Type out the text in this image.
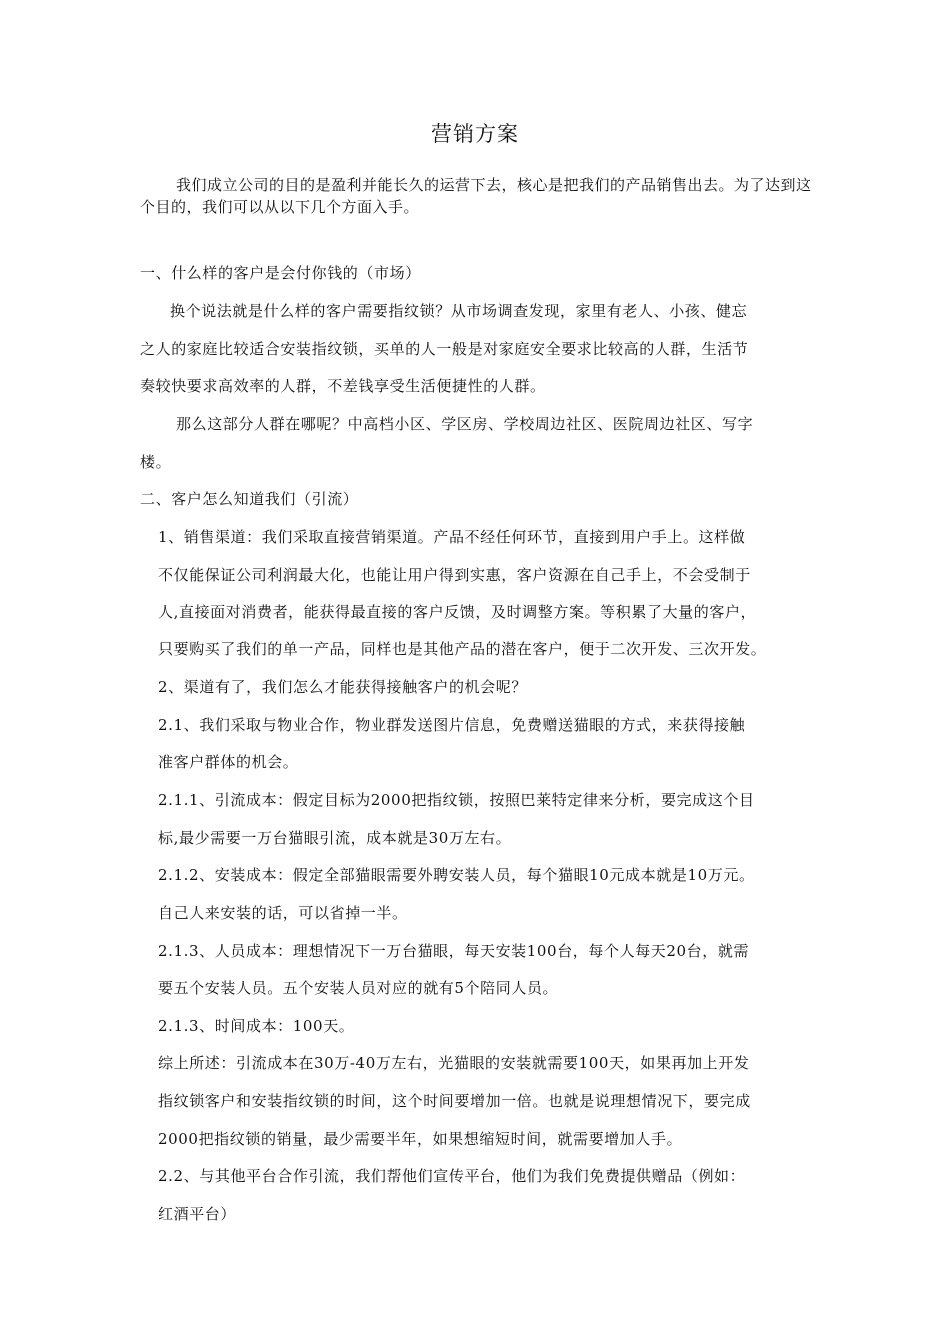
营销方案
我们成立公司的目的是盈利并能长久的运营下去，核心是把我们的产品销售出去。为了达到这个目的，我们可以从以下几个方面入手。
一、什么样的客户是会付你钱的（市场）
换个说法就是什么样的客户需要指纹锁？从市场调查发现，家里有老人、小孩、健忘
之人的家庭比较适合安装指纹锁，买单的人一般是对家庭安全要求比较高的人群，生活节
奏较快要求高效率的人群，不差钱享受生活便捷性的人群。
那么这部分人群在哪呢？中高档小区、学区房、学校周边社区、医院周边社区、写字
楼。
二、客户怎么知道我们（引流）
1、销售渠道：我们采取直接营销渠道。产品不经任何环节，直接到用户手上。这样做
不仅能保证公司利润最大化，也能让用户得到实惠，客户资源在自己手上，不会受制于
人,直接面对消费者，能获得最直接的客户反馈，及时调整方案。等积累了大量的客户，
只要购买了我们的单一产品，同样也是其他产品的潜在客户，便于二次开发、三次开发。
2、渠道有了，我们怎么才能获得接触客户的机会呢？
2.1、我们采取与物业合作，物业群发送图片信息，免费赠送猫眼的方式，来获得接触
准客户群体的机会。
2.1.1、引流成本：假定目标为2000把指纹锁，按照巴莱特定律来分析，要完成这个目
标,最少需要一万台猫眼引流，成本就是30万左右。
2.1.2、安装成本：假定全部猫眼需要外聘安装人员，每个猫眼10元成本就是10万元。
自己人来安装的话，可以省掉一半。
2.1.3、人员成本：理想情况下一万台猫眼，每天安装100台，每个人每天20台，就需
要五个安装人员。五个安装人员对应的就有5个陪同人员。
2.1.3、时间成本：100天。
综上所述：引流成本在30万-40万左右，光猫眼的安装就需要100天，如果再加上开发
指纹锁客户和安装指纹锁的时间，这个时间要增加一倍。也就是说理想情况下，要完成
2000把指纹锁的销量，最少需要半年，如果想缩短时间，就需要增加人手。
2.2、与其他平台合作引流，我们帮他们宣传平台，他们为我们免费提供赠品（例如：
红酒平台）
